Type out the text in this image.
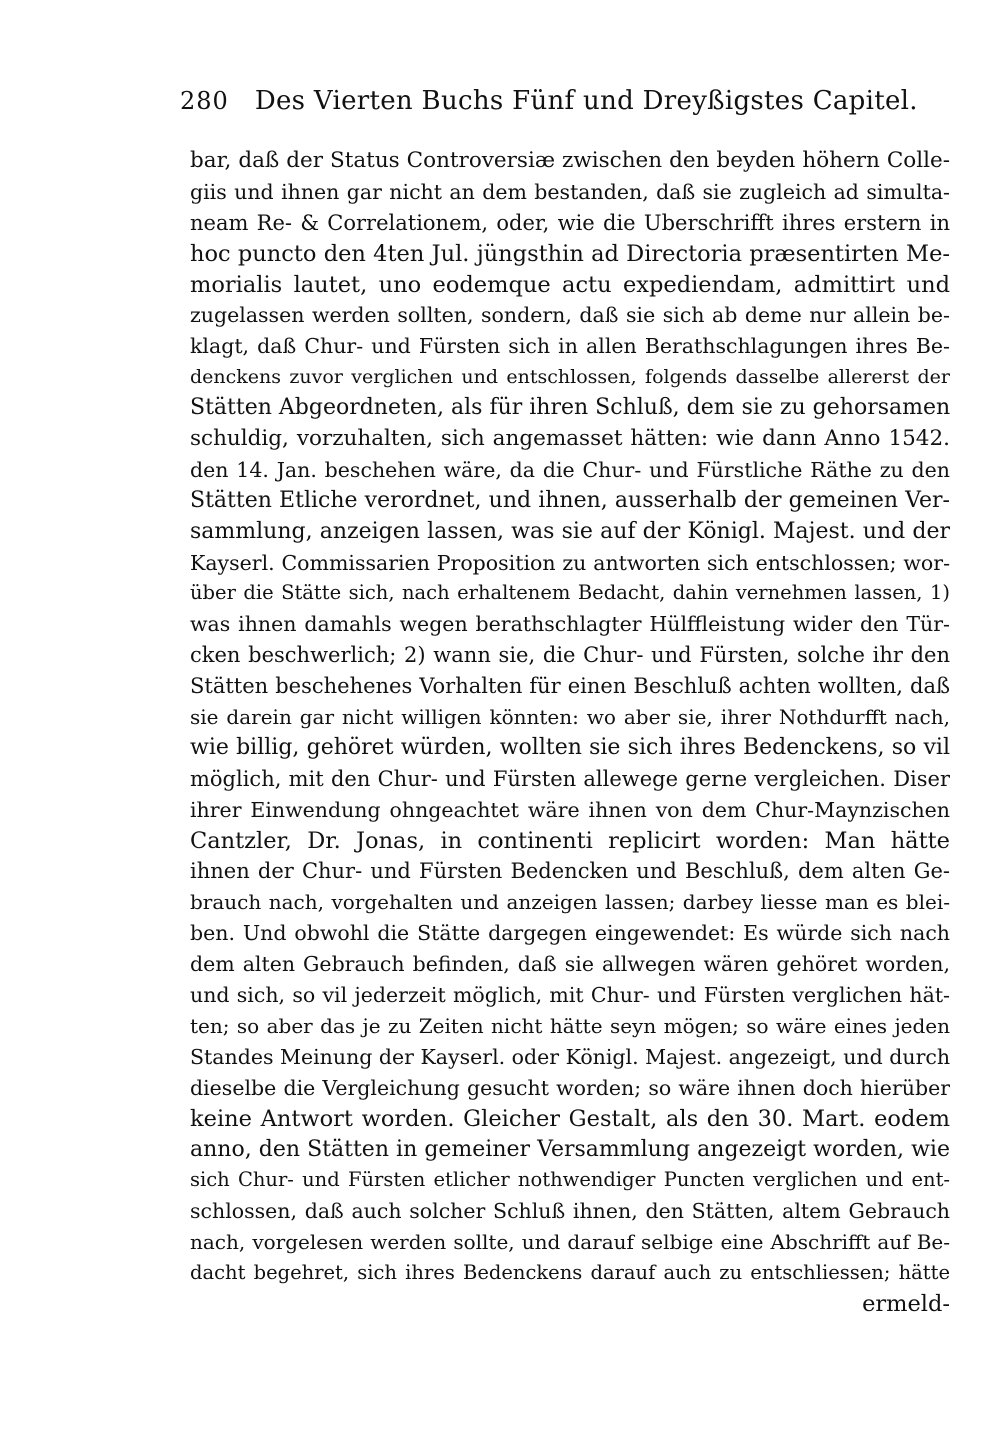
280 Des Vierten Buchs Fünf und Dreyßigstes Capitel.
bar, daß der Status Controversiæ zwischen den beyden höhern Colle-
giis und ihnen gar nicht an dem bestanden, daß sie zugleich ad simulta-
neam Re- & Correlationem, oder, wie die Uberschrifft ihres erstern in
hoc puncto den 4ten Jul. jüngsthin ad Directoria præsentirten Me-
morialis lautet, uno eodemque actu expediendam, admittirt und
zugelassen werden sollten, sondern, daß sie sich ab deme nur allein be-
klagt, daß Chur- und Fürsten sich in allen Berathschlagungen ihres Be-
denckens zuvor verglichen und entschlossen, folgends dasselbe allererst der
Stätten Abgeordneten, als für ihren Schluß, dem sie zu gehorsamen
schuldig, vorzuhalten, sich angemasset hätten: wie dann Anno 1542.
den 14. Jan. beschehen wäre, da die Chur- und Fürstliche Räthe zu den
Stätten Etliche verordnet, und ihnen, ausserhalb der gemeinen Ver-
sammlung, anzeigen lassen, was sie auf der Königl. Majest. und der
Kayserl. Commissarien Proposition zu antworten sich entschlossen; wor-
über die Stätte sich, nach erhaltenem Bedacht, dahin vernehmen lassen, 1)
was ihnen damahls wegen berathschlagter Hülffleistung wider den Tür-
cken beschwerlich; 2) wann sie, die Chur- und Fürsten, solche ihr den
Stätten beschehenes Vorhalten für einen Beschluß achten wollten, daß
sie darein gar nicht willigen könnten: wo aber sie, ihrer Nothdurfft nach,
wie billig, gehöret würden, wollten sie sich ihres Bedenckens, so vil
möglich, mit den Chur- und Fürsten allewege gerne vergleichen. Diser
ihrer Einwendung ohngeachtet wäre ihnen von dem Chur-Maynzischen
Cantzler, Dr. Jonas, in continenti replicirt worden: Man hätte
ihnen der Chur- und Fürsten Bedencken und Beschluß, dem alten Ge-
brauch nach, vorgehalten und anzeigen lassen; darbey liesse man es blei-
ben. Und obwohl die Stätte dargegen eingewendet: Es würde sich nach
dem alten Gebrauch befinden, daß sie allwegen wären gehöret worden,
und sich, so vil jederzeit möglich, mit Chur- und Fürsten verglichen hät-
ten; so aber das je zu Zeiten nicht hätte seyn mögen; so wäre eines jeden
Standes Meinung der Kayserl. oder Königl. Majest. angezeigt, und durch
dieselbe die Vergleichung gesucht worden; so wäre ihnen doch hierüber
keine Antwort worden. Gleicher Gestalt, als den 30. Mart. eodem
anno, den Stätten in gemeiner Versammlung angezeigt worden, wie
sich Chur- und Fürsten etlicher nothwendiger Puncten verglichen und ent-
schlossen, daß auch solcher Schluß ihnen, den Stätten, altem Gebrauch
nach, vorgelesen werden sollte, und darauf selbige eine Abschrifft auf Be-
dacht begehret, sich ihres Bedenckens darauf auch zu entschliessen; hätte
ermeld-
